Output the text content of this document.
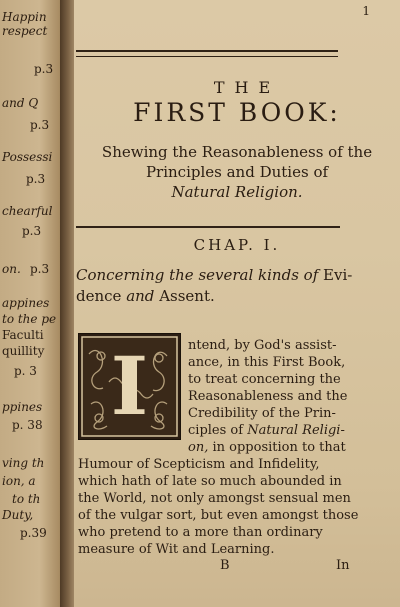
Happin
respect
p.3
and Q
p.3
Possessi
p.3
chearful
p.3
on. p.3
appines
to the pe
Faculti
quillity
p. 3
ppines
p. 38
ving th
ion, a
to th
Duty,
p.39
1
THE
FIRST BOOK:
Shewing the Reasonableness of the
Principles and Duties of
Natural Religion.
CHAP. I.
Concerning the several kinds of Evi-
dence and Assent.
I	ntend, by God's assist-
ance, in this First Book,
to treat concerning the
Reasonableness and the
Credibility of the Prin-
ciples of Natural Religi-
on, in opposition to that
Humour of Scepticism and Infidelity,
which hath of late so much abounded in
the World, not only amongst sensual men
of the vulgar sort, but even amongst those
who pretend to a more than ordinary
measure of Wit and Learning.
B	In
